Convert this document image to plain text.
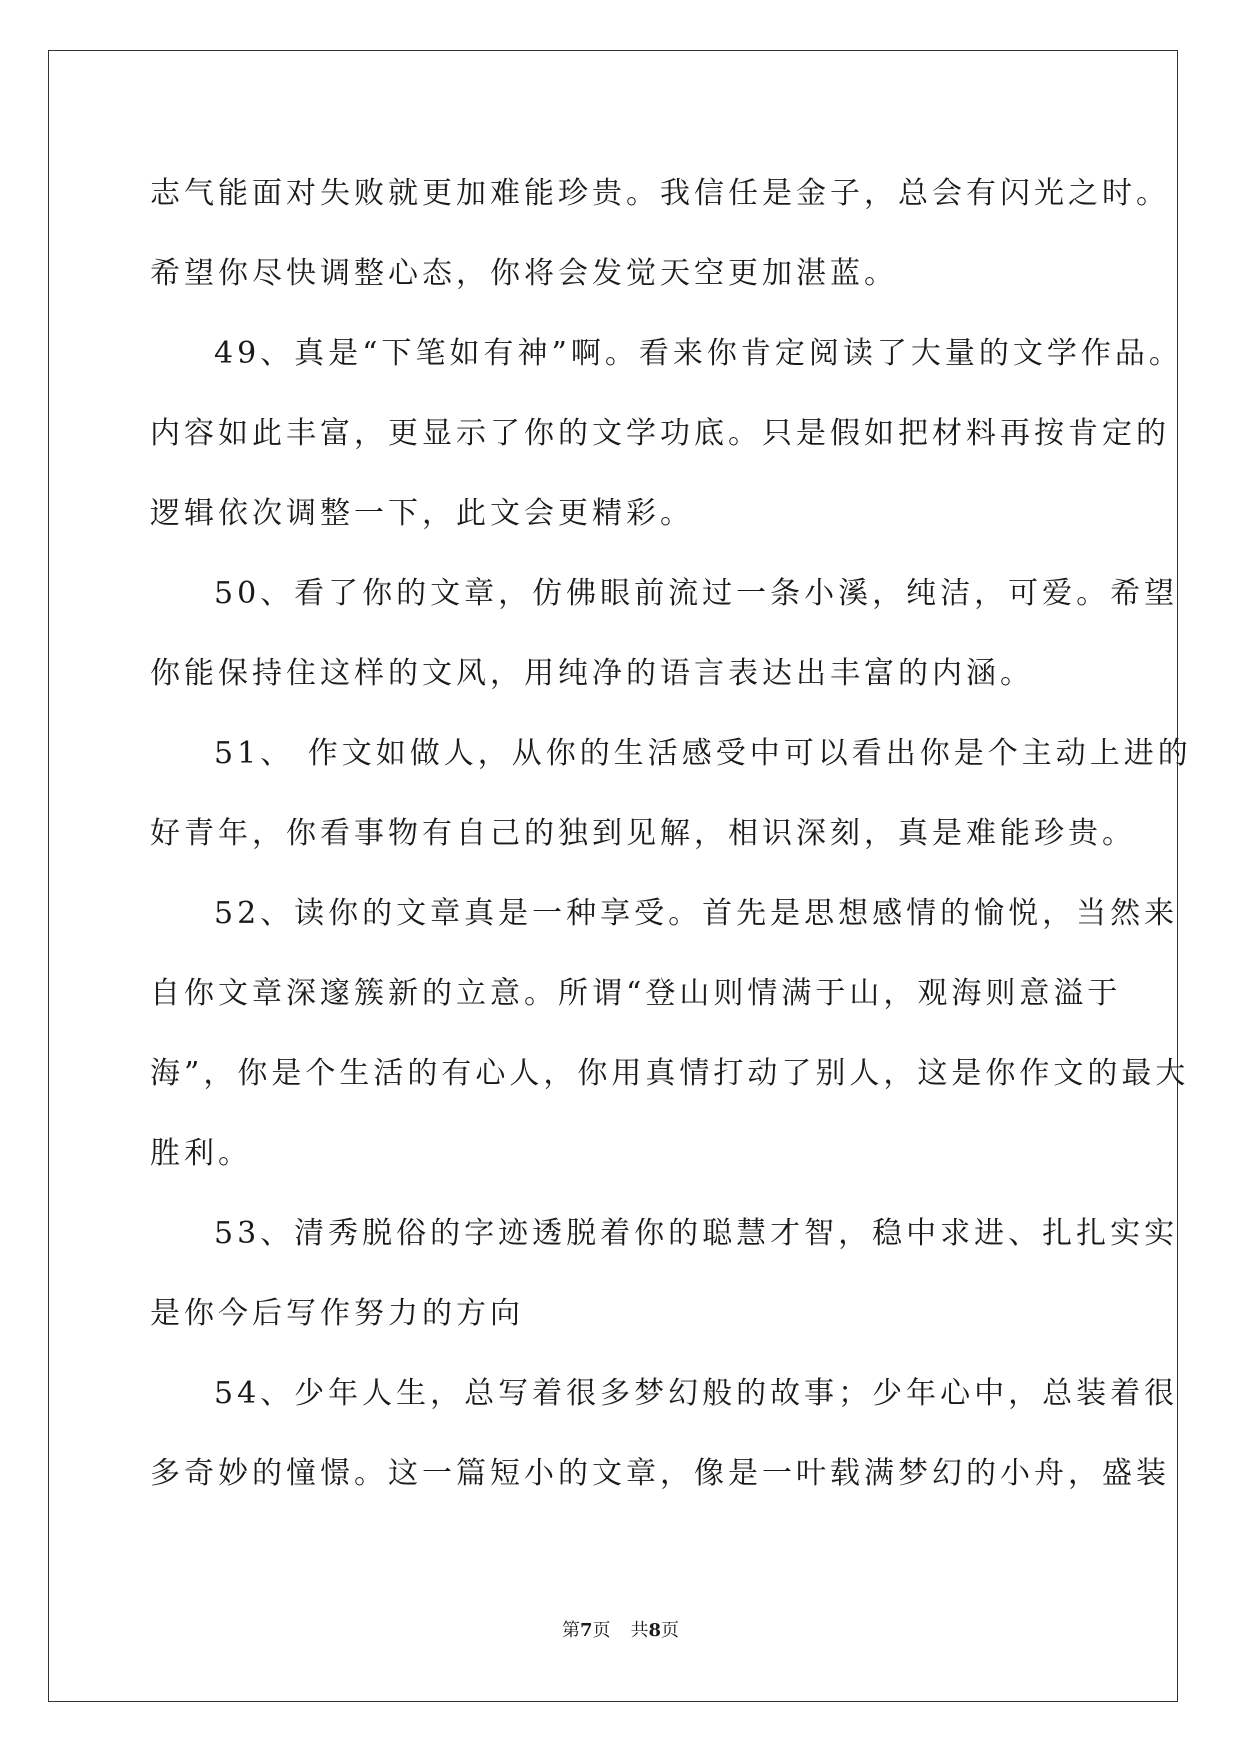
志气能面对失败就更加难能珍贵。我信任是金子，总会有闪光之时。
希望你尽快调整心态，你将会发觉天空更加湛蓝。
49、真是“下笔如有神”啊。看来你肯定阅读了大量的文学作品。
内容如此丰富，更显示了你的文学功底。只是假如把材料再按肯定的
逻辑依次调整一下，此文会更精彩。
50、看了你的文章，仿佛眼前流过一条小溪，纯洁，可爱。希望
你能保持住这样的文风，用纯净的语言表达出丰富的内涵。
51、 作文如做人，从你的生活感受中可以看出你是个主动上进的
好青年，你看事物有自己的独到见解，相识深刻，真是难能珍贵。
52、读你的文章真是一种享受。首先是思想感情的愉悦，当然来
自你文章深邃簇新的立意。所谓“登山则情满于山，观海则意溢于
海”，你是个生活的有心人，你用真情打动了别人，这是你作文的最大
胜利。
53、清秀脱俗的字迹透脱着你的聪慧才智，稳中求进、扎扎实实
是你今后写作努力的方向
54、少年人生，总写着很多梦幻般的故事；少年心中，总装着很
多奇妙的憧憬。这一篇短小的文章，像是一叶载满梦幻的小舟，盛装
第7页 共8页
